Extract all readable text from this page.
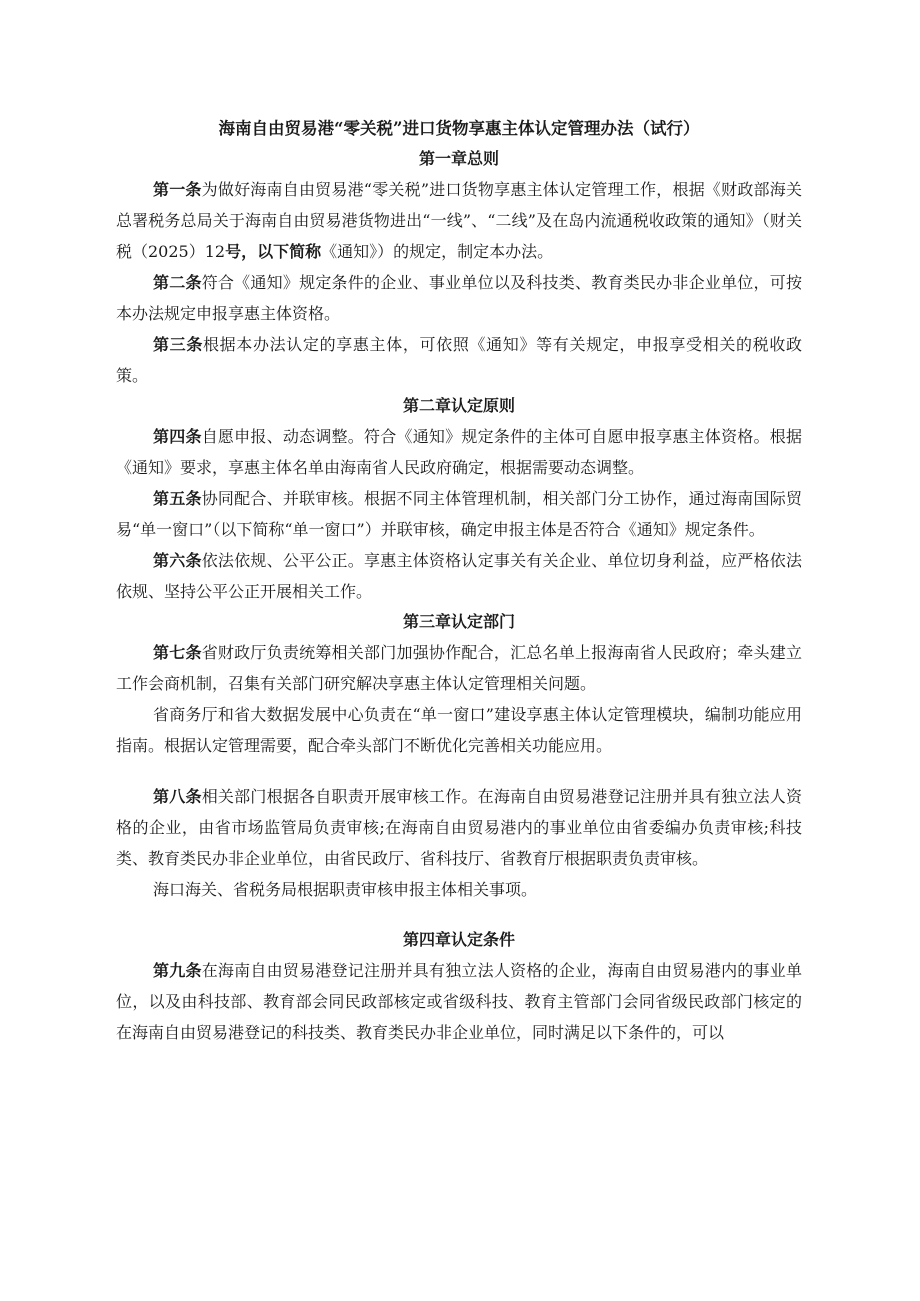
海南自由贸易港“零关税”进口货物享惠主体认定管理办法（试行）
第一章总则

第一条为做好海南自由贸易港“零关税”进口货物享惠主体认定管理工作，根据《财政部海关总署税务总局关于海南自由贸易港货物进出“一线”、“二线”及在岛内流通税收政策的通知》（财关税（2025）12号，以下简称《通知》）的规定，制定本办法。

第二条符合《通知》规定条件的企业、事业单位以及科技类、教育类民办非企业单位，可按本办法规定申报享惠主体资格。

第三条根据本办法认定的享惠主体，可依照《通知》等有关规定，申报享受相关的税收政策。

第二章认定原则

第四条自愿申报、动态调整。符合《通知》规定条件的主体可自愿申报享惠主体资格。根据《通知》要求，享惠主体名单由海南省人民政府确定，根据需要动态调整。

第五条协同配合、并联审核。根据不同主体管理机制，相关部门分工协作，通过海南国际贸易“单一窗口”（以下简称“单一窗口”）并联审核，确定申报主体是否符合《通知》规定条件。

第六条依法依规、公平公正。享惠主体资格认定事关有关企业、单位切身利益，应严格依法依规、坚持公平公正开展相关工作。

第三章认定部门

第七条省财政厅负责统筹相关部门加强协作配合，汇总名单上报海南省人民政府；牵头建立工作会商机制，召集有关部门研究解决享惠主体认定管理相关问题。

省商务厅和省大数据发展中心负责在“单一窗口”建设享惠主体认定管理模块，编制功能应用指南。根据认定管理需要，配合牵头部门不断优化完善相关功能应用。

第八条相关部门根据各自职责开展审核工作。在海南自由贸易港登记注册并具有独立法人资格的企业，由省市场监管局负责审核;在海南自由贸易港内的事业单位由省委编办负责审核;科技类、教育类民办非企业单位，由省民政厅、省科技厅、省教育厅根据职责负责审核。

海口海关、省税务局根据职责审核申报主体相关事项。

第四章认定条件

第九条在海南自由贸易港登记注册并具有独立法人资格的企业，海南自由贸易港内的事业单位，以及由科技部、教育部会同民政部核定或省级科技、教育主管部门会同省级民政部门核定的在海南自由贸易港登记的科技类、教育类民办非企业单位，同时满足以下条件的，可以
